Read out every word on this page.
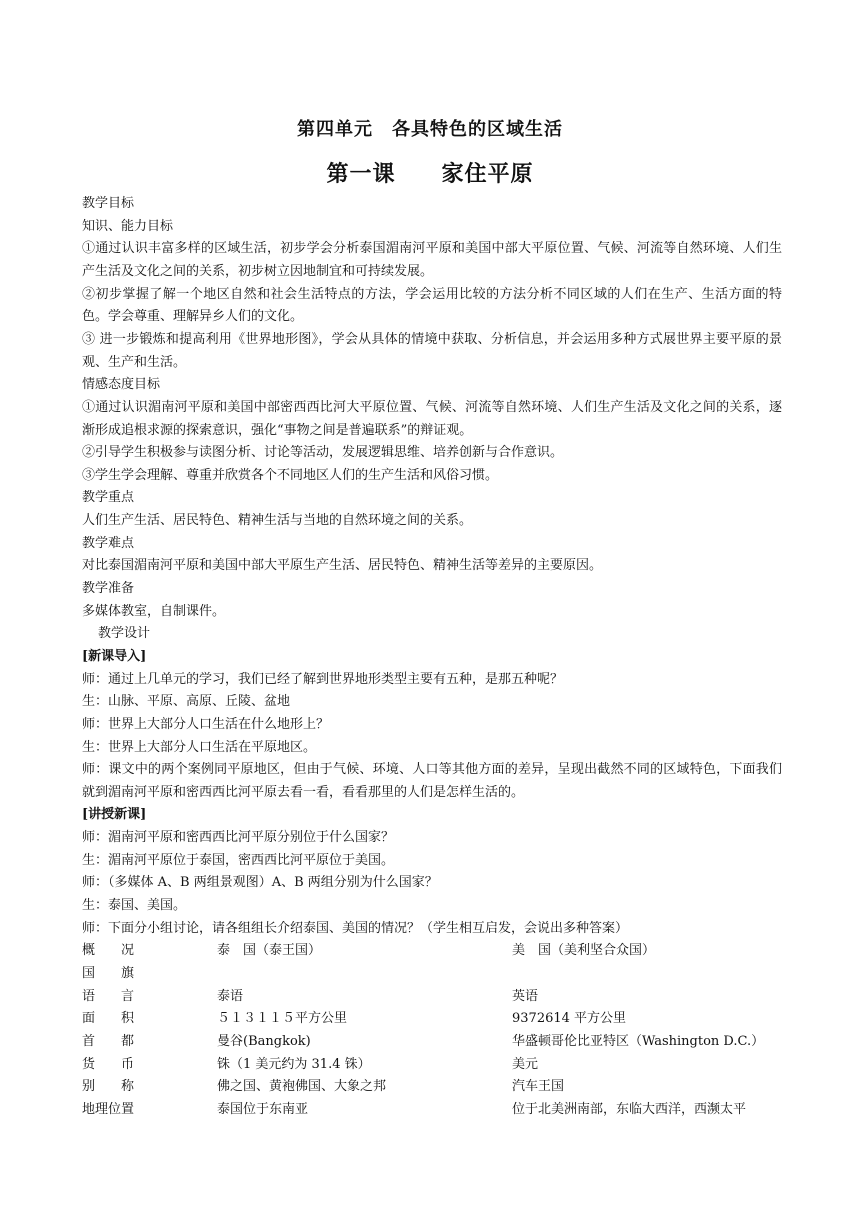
第四单元　各具特色的区域生活
第一课 家住平原
教学目标
知识、能力目标
①通过认识丰富多样的区域生活，初步学会分析泰国湄南河平原和美国中部大平原位置、气候、河流等自然环境、人们生产生活及文化之间的关系，初步树立因地制宜和可持续发展。
②初步掌握了解一个地区自然和社会生活特点的方法，学会运用比较的方法分析不同区域的人们在生产、生活方面的特色。学会尊重、理解异乡人们的文化。
③ 进一步锻炼和提高利用《世界地形图》，学会从具体的情境中获取、分析信息，并会运用多种方式展世界主要平原的景观、生产和生活。
情感态度目标
①通过认识湄南河平原和美国中部密西西比河大平原位置、气候、河流等自然环境、人们生产生活及文化之间的关系，逐渐形成追根求源的探索意识，强化“事物之间是普遍联系”的辩证观。
②引导学生积极参与读图分析、讨论等活动，发展逻辑思维、培养创新与合作意识。
③学生学会理解、尊重并欣赏各个不同地区人们的生产生活和风俗习惯。
教学重点
人们生产生活、居民特色、精神生活与当地的自然环境之间的关系。
教学难点
对比泰国湄南河平原和美国中部大平原生产生活、居民特色、精神生活等差异的主要原因。
教学准备
多媒体教室，自制课件。
教学设计
[新课导入]
师：通过上几单元的学习，我们已经了解到世界地形类型主要有五种，是那五种呢？
生：山脉、平原、高原、丘陵、盆地
师：世界上大部分人口生活在什么地形上？
生：世界上大部分人口生活在平原地区。
师：课文中的两个案例同平原地区，但由于气候、环境、人口等其他方面的差异，呈现出截然不同的区域特色，下面我们就到湄南河平原和密西西比河平原去看一看，看看那里的人们是怎样生活的。
[讲授新课]
师：湄南河平原和密西西比河平原分别位于什么国家？
生：湄南河平原位于泰国，密西西比河平原位于美国。
师：（多媒体 A、B 两组景观图）A、B 两组分别为什么国家？
生：泰国、美国。
师：下面分小组讨论，请各组组长介绍泰国、美国的情况？（学生相互启发，会说出多种答案）
概　　况	泰　国（泰王国）	美　国（美利坚合众国）
国　　旗
语　　言	泰语	英语
面　　积	５１３１１５平方公里	9372614 平方公里
首　　都	曼谷(Bangkok)	华盛顿哥伦比亚特区（Washington D.C.）
货　　币	铢（1 美元约为 31.4 铢）	美元
别　　称	佛之国、黄袍佛国、大象之邦	汽车王国
地理位置	泰国位于东南亚	位于北美洲南部，东临大西洋，西濒太平
